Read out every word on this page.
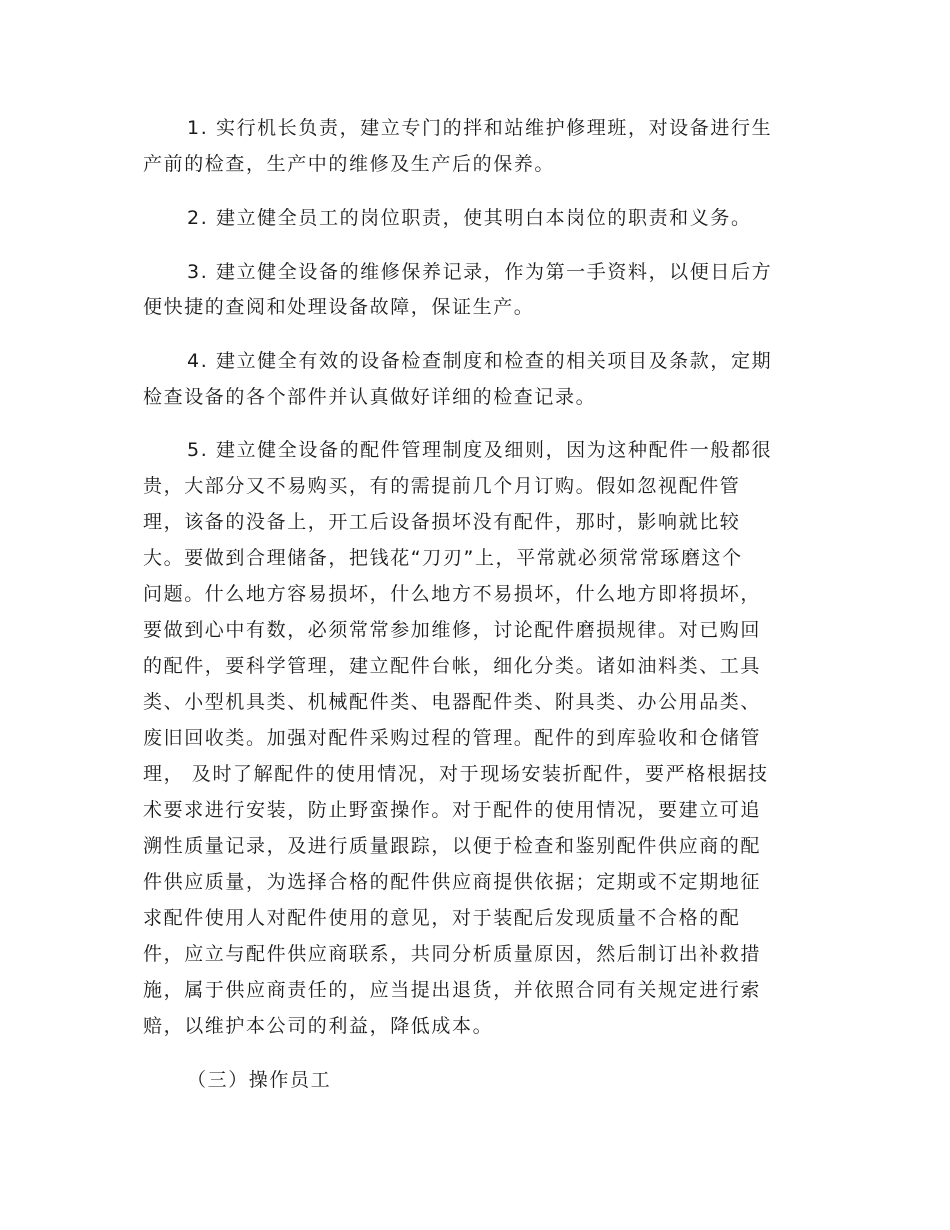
1. 实行机长负责，建立专门的拌和站维护修理班，对设备进行生
产前的检查，生产中的维修及生产后的保养。
2. 建立健全员工的岗位职责，使其明白本岗位的职责和义务。
3. 建立健全设备的维修保养记录，作为第一手资料，以便日后方
便快捷的查阅和处理设备故障，保证生产。
4. 建立健全有效的设备检查制度和检查的相关项目及条款，定期
检查设备的各个部件并认真做好详细的检查记录。
5. 建立健全设备的配件管理制度及细则，因为这种配件一般都很
贵，大部分又不易购买，有的需提前几个月订购。假如忽视配件管
理，该备的没备上，开工后设备损坏没有配件，那时，影响就比较
大。要做到合理储备，把钱花“刀刃”上，平常就必须常常琢磨这个
问题。什么地方容易损坏，什么地方不易损坏，什么地方即将损坏，
要做到心中有数，必须常常参加维修，讨论配件磨损规律。对已购回
的配件，要科学管理，建立配件台帐，细化分类。诸如油料类、工具
类、小型机具类、机械配件类、电器配件类、附具类、办公用品类、
废旧回收类。加强对配件采购过程的管理。配件的到库验收和仓储管
理， 及时了解配件的使用情况，对于现场安装折配件，要严格根据技
术要求进行安装，防止野蛮操作。对于配件的使用情况，要建立可追
溯性质量记录，及进行质量跟踪，以便于检查和鉴别配件供应商的配
件供应质量，为选择合格的配件供应商提供依据；定期或不定期地征
求配件使用人对配件使用的意见，对于装配后发现质量不合格的配
件，应立与配件供应商联系，共同分析质量原因，然后制订出补救措
施，属于供应商责任的，应当提出退货，并依照合同有关规定进行索
赔，以维护本公司的利益，降低成本。
（三）操作员工
